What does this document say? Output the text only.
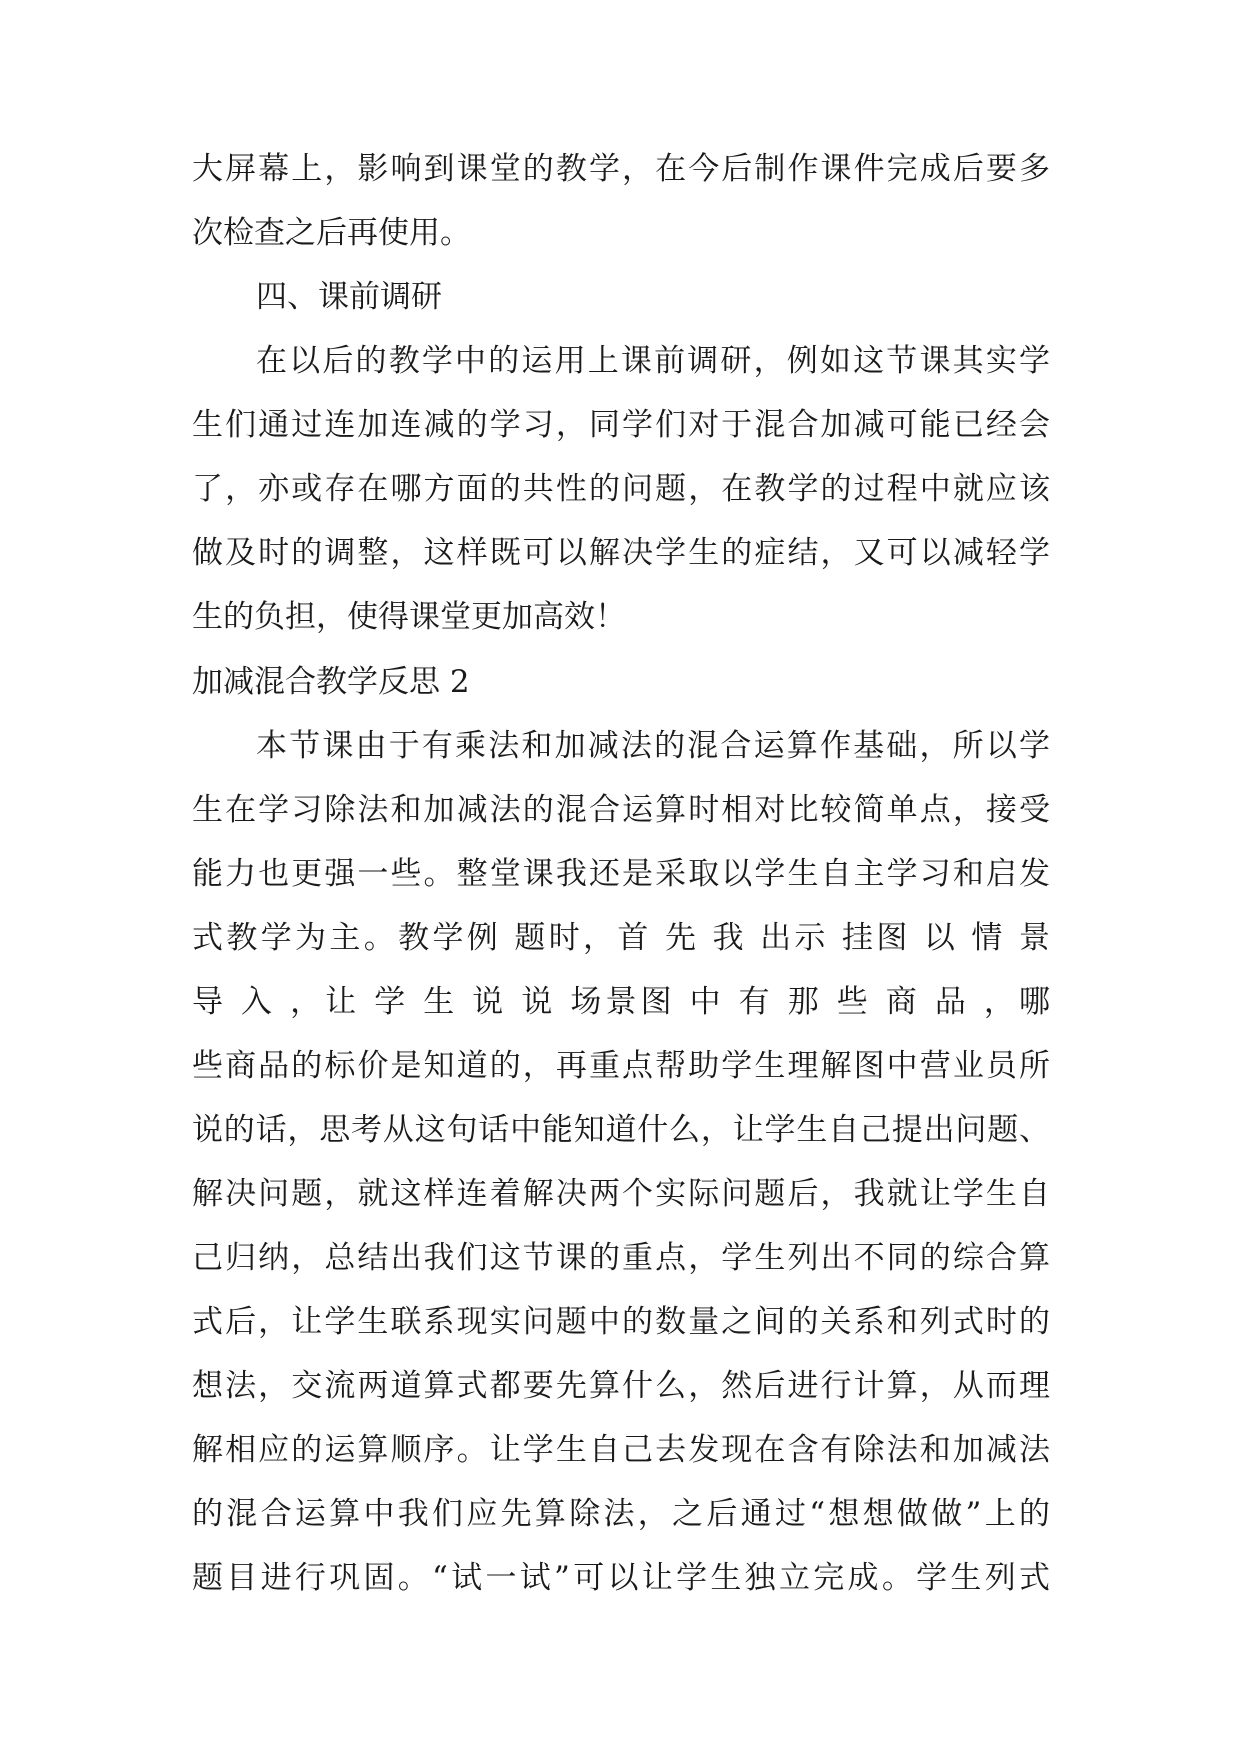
大屏幕上，影响到课堂的教学，在今后制作课件完成后要多
次检查之后再使用。
四、课前调研
在以后的教学中的运用上课前调研，例如这节课其实学
生们通过连加连减的学习，同学们对于混合加减可能已经会
了，亦或存在哪方面的共性的问题，在教学的过程中就应该
做及时的调整，这样既可以解决学生的症结，又可以减轻学
生的负担，使得课堂更加高效！
加减混合教学反思 2
本节课由于有乘法和加减法的混合运算作基础，所以学
生在学习除法和加减法的混合运算时相对比较简单点，接受
能力也更强一些。整堂课我还是采取以学生自主学习和启发
式教学为主。教学例 题时，首 先 我 出示 挂图 以 情 景
导 入 ，让 学 生 说 说 场景图 中 有 那 些 商 品 ，哪
些商品的标价是知道的，再重点帮助学生理解图中营业员所
说的话，思考从这句话中能知道什么，让学生自己提出问题、
解决问题，就这样连着解决两个实际问题后，我就让学生自
己归纳，总结出我们这节课的重点，学生列出不同的综合算
式后，让学生联系现实问题中的数量之间的关系和列式时的
想法，交流两道算式都要先算什么，然后进行计算，从而理
解相应的运算顺序。让学生自己去发现在含有除法和加减法
的混合运算中我们应先算除法，之后通过“想想做做”上的
题目进行巩固。“试一试”可以让学生独立完成。学生列式
